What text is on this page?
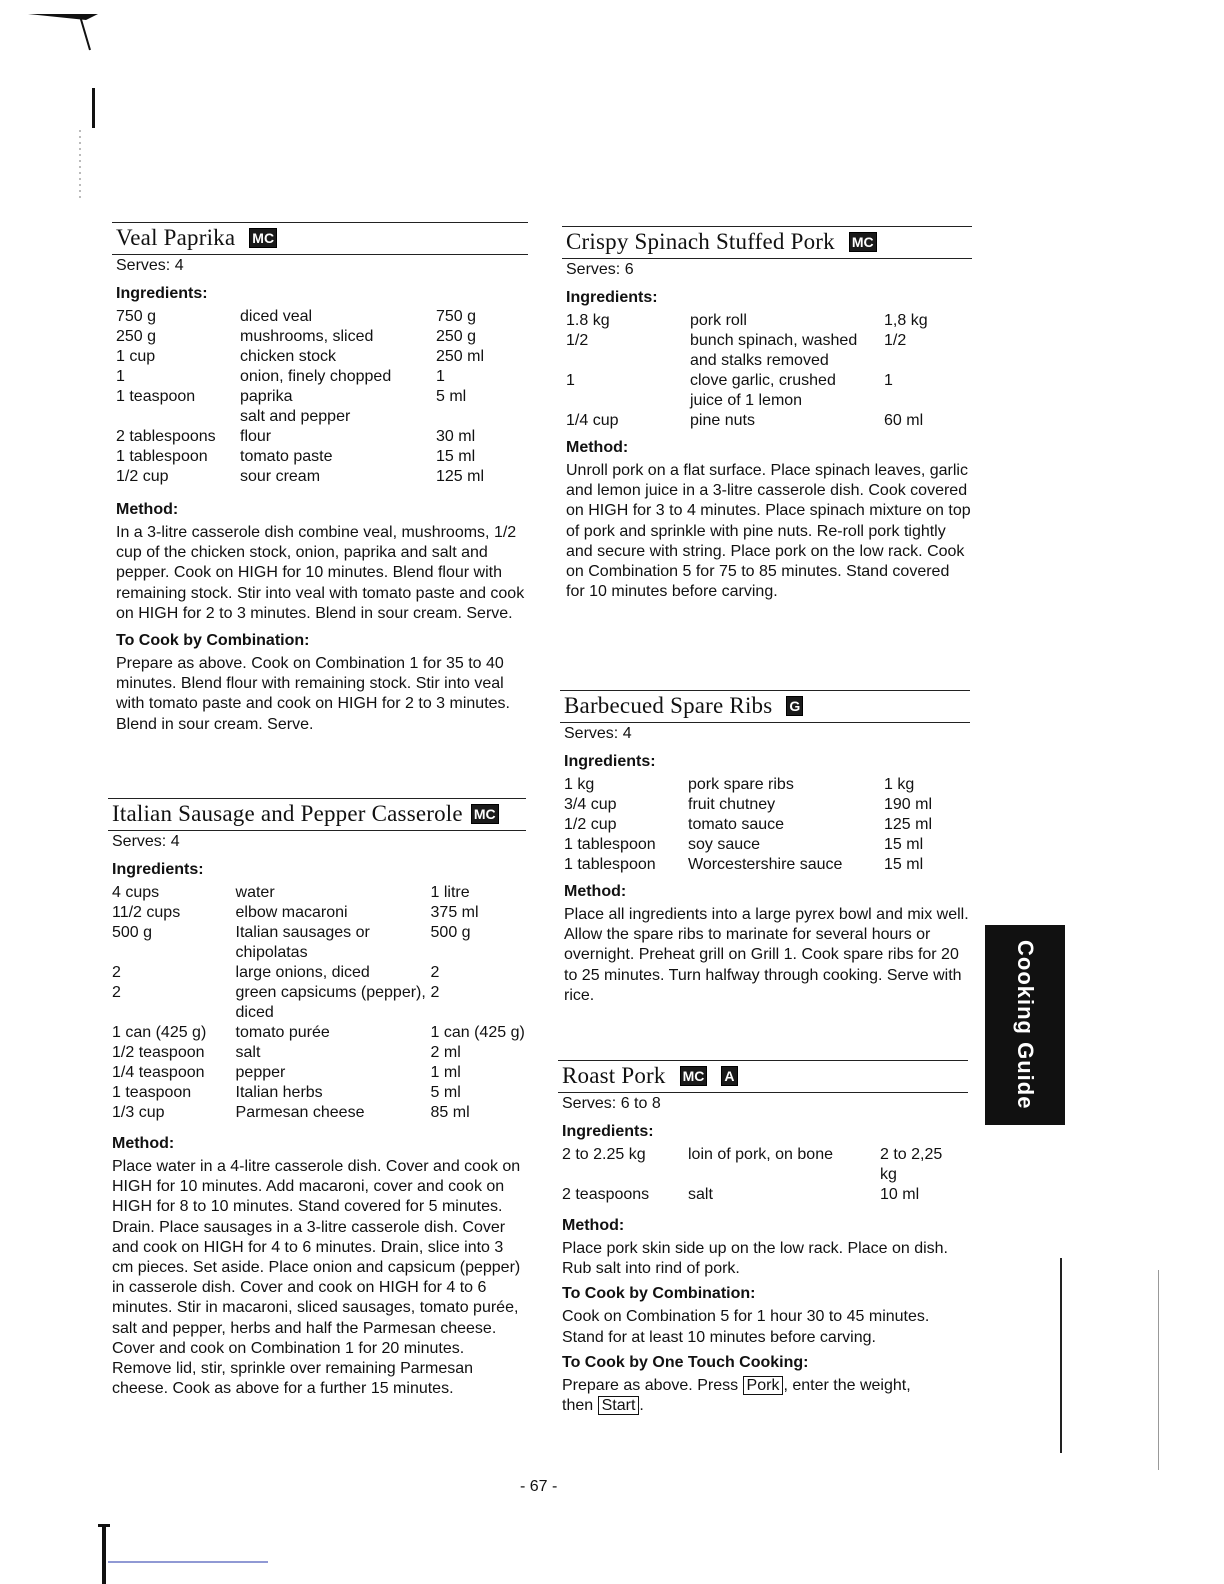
Veal Paprika MC
Serves: 4
Ingredients:
750 g	diced veal	750 g
250 g	mushrooms, sliced	250 g
1 cup	chicken stock	250 ml
1	onion, finely chopped	1
1 teaspoon	paprika	5 ml
	salt and pepper	
2 tablespoons	flour	30 ml
1 tablespoon	tomato paste	15 ml
1/2 cup	sour cream	125 ml
Method:
In a 3-litre casserole dish combine veal, mushrooms, 1/2 cup of the chicken stock, onion, paprika and salt and pepper. Cook on HIGH for 10 minutes. Blend flour with remaining stock. Stir into veal with tomato paste and cook on HIGH for 2 to 3 minutes. Blend in sour cream. Serve.
To Cook by Combination:
Prepare as above. Cook on Combination 1 for 35 to 40 minutes. Blend flour with remaining stock. Stir into veal with tomato paste and cook on HIGH for 2 to 3 minutes. Blend in sour cream. Serve.
Italian Sausage and Pepper Casserole MC
Serves: 4
Ingredients:
4 cups	water	1 litre
11/2 cups	elbow macaroni	375 ml
500 g	Italian sausages or chipolatas	500 g
2	large onions, diced	2
2	green capsicums (pepper), diced	2
1 can (425 g)	tomato purée	1 can (425 g)
1/2 teaspoon	salt	2 ml
1/4 teaspoon	pepper	1 ml
1 teaspoon	Italian herbs	5 ml
1/3 cup	Parmesan cheese	85 ml
Method:
Place water in a 4-litre casserole dish. Cover and cook on HIGH for 10 minutes. Add macaroni, cover and cook on HIGH for 8 to 10 minutes. Stand covered for 5 minutes. Drain. Place sausages in a 3-litre casserole dish. Cover and cook on HIGH for 4 to 6 minutes. Drain, slice into 3 cm pieces. Set aside. Place onion and capsicum (pepper) in casserole dish. Cover and cook on HIGH for 4 to 6 minutes. Stir in macaroni, sliced sausages, tomato purée, salt and pepper, herbs and half the Parmesan cheese. Cover and cook on Combination 1 for 20 minutes. Remove lid, stir, sprinkle over remaining Parmesan cheese. Cook as above for a further 15 minutes.
Crispy Spinach Stuffed Pork MC
Serves: 6
Ingredients:
1.8 kg	pork roll	1,8 kg
1/2	bunch spinach, washed and stalks removed	1/2
1	clove garlic, crushed	1
	juice of 1 lemon	
1/4 cup	pine nuts	60 ml
Method:
Unroll pork on a flat surface. Place spinach leaves, garlic and lemon juice in a 3-litre casserole dish. Cook covered on HIGH for 3 to 4 minutes. Place spinach mixture on top of pork and sprinkle with pine nuts. Re-roll pork tightly and secure with string. Place pork on the low rack. Cook on Combination 5 for 75 to 85 minutes. Stand covered for 10 minutes before carving.
Barbecued Spare Ribs G
Serves: 4
Ingredients:
1 kg	pork spare ribs	1 kg
3/4 cup	fruit chutney	190 ml
1/2 cup	tomato sauce	125 ml
1 tablespoon	soy sauce	15 ml
1 tablespoon	Worcestershire sauce	15 ml
Method:
Place all ingredients into a large pyrex bowl and mix well. Allow the spare ribs to marinate for several hours or overnight. Preheat grill on Grill 1. Cook spare ribs for 20 to 25 minutes. Turn halfway through cooking. Serve with rice.
Roast Pork MC A
Serves: 6 to 8
Ingredients:
2 to 2.25 kg	loin of pork, on bone	2 to 2,25 kg
2 teaspoons	salt	10 ml
Method:
Place pork skin side up on the low rack. Place on dish. Rub salt into rind of pork.
To Cook by Combination:
Cook on Combination 5 for 1 hour 30 to 45 minutes. Stand for at least 10 minutes before carving.
To Cook by One Touch Cooking:
Prepare as above. Press Pork , enter the weight,
then Start .
Cooking Guide
- 67 -
